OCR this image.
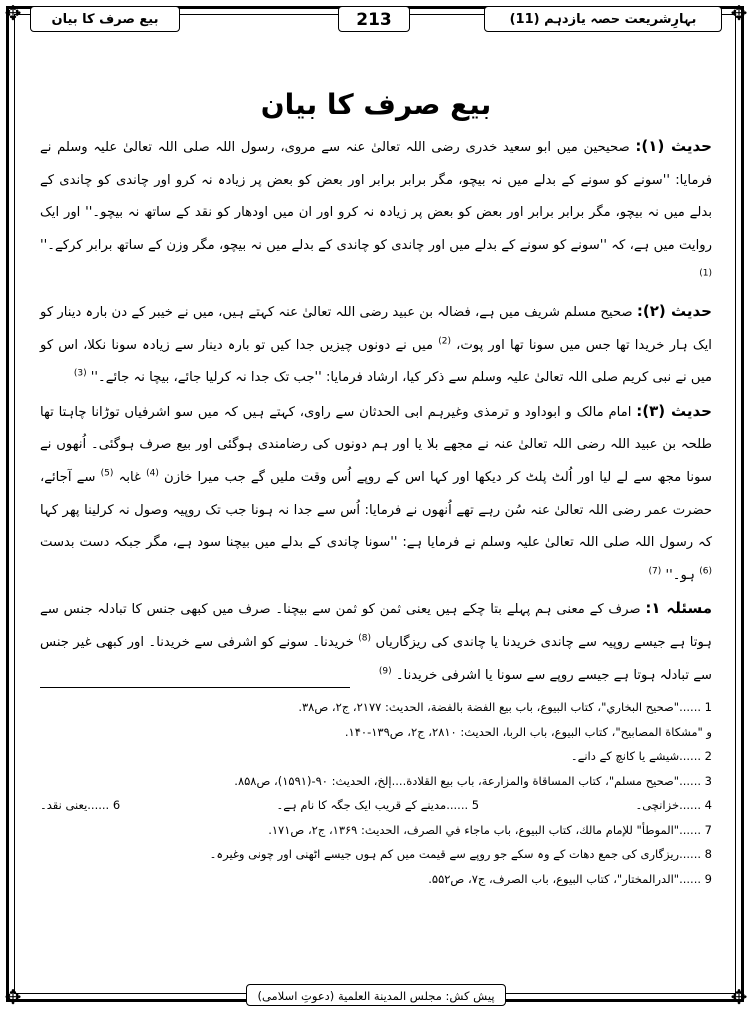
✥	✥
✥	✥
بہارِشریعت حصہ یازدہم (11)
213
بیع صرف کا بیان
بیع صرف کا بیان

حدیث (۱): صحیحین میں ابو سعید خدری رضی اللہ تعالیٰ عنہ سے مروی، رسول اللہ صلی اللہ تعالیٰ علیہ وسلم نے فرمایا: ''سونے کو سونے کے بدلے میں نہ بیچو، مگر برابر برابر اور بعض کو بعض پر زیادہ نہ کرو اور چاندی کو چاندی کے بدلے میں نہ بیچو، مگر برابر برابر اور بعض کو بعض پر زیادہ نہ کرو اور ان میں اودھار کو نقد کے ساتھ نہ بیچو۔'' اور ایک روایت میں ہے، کہ ''سونے کو سونے کے بدلے میں اور چاندی کو چاندی کے بدلے میں نہ بیچو، مگر وزن کے ساتھ برابر کرکے۔'' $^{(1)}$

حدیث (۲): صحیح مسلم شریف میں ہے، فضالہ بن عبید رضی اللہ تعالیٰ عنہ کہتے ہیں، میں نے خیبر کے دن بارہ دینار کو ایک ہار خریدا تھا جس میں سونا تھا اور پوت، $^{(2)}$ میں نے دونوں چیزیں جدا کیں تو بارہ دینار سے زیادہ سونا نکلا، اس کو میں نے نبی کریم صلی اللہ تعالیٰ علیہ وسلم سے ذکر کیا، ارشاد فرمایا: ''جب تک جدا نہ کرلیا جائے، بیچا نہ جائے۔'' $^{(3)}$

حدیث (۳): امام مالک و ابوداود و ترمذی وغیرہم ابی الحدثان سے راوی، کہتے ہیں کہ میں سو اشرفیاں توڑانا چاہتا تھا طلحہ بن عبید اللہ رضی اللہ تعالیٰ عنہ نے مجھے بلا یا اور ہم دونوں کی رضامندی ہوگئی اور بیع صرف ہوگئی۔ اُنھوں نے سونا مجھ سے لے لیا اور اُلٹ پلٹ کر دیکھا اور کہا اس کے روپے اُس وقت ملیں گے جب میرا خازن $^{(4)}$ غابہ $^{(5)}$ سے آجائے، حضرت عمر رضی اللہ تعالیٰ عنہ سُن رہے تھے اُنھوں نے فرمایا: اُس سے جدا نہ ہونا جب تک روپیہ وصول نہ کرلینا پھر کہا کہ رسول اللہ صلی اللہ تعالیٰ علیہ وسلم نے فرمایا ہے: ''سونا چاندی کے بدلے میں بیچنا سود ہے، مگر جبکہ دست بدست $^{(6)}$ ہو۔'' $^{(7)}$

مسئلہ ۱: صرف کے معنی ہم پہلے بتا چکے ہیں یعنی ثمن کو ثمن سے بیچنا۔ صرف میں کبھی جنس کا تبادلہ جنس سے ہوتا ہے جیسے روپیہ سے چاندی خریدنا یا چاندی کی ریزگاریاں $^{(8)}$ خریدنا۔ سونے کو اشرفی سے خریدنا۔ اور کبھی غیر جنس سے تبادلہ ہوتا ہے جیسے روپے سے سونا یا اشرفی خریدنا۔ $^{(9)}$

1 ......"صحیح البخاري"، کتاب البیوع، باب بیع الفضة بالفضة، الحدیث: ۲۱۷۷، ج۲، ص۳۸.
و "مشکاة المصابیح"، کتاب البیوع، باب الربا، الحدیث: ۲۸۱۰، ج۲، ص۱۳۹-۱۴۰.
2 ......شیشے یا کانچ کے دانے۔
3 ......"صحیح مسلم"، کتاب المساقاة والمزارعة، باب بیع القلادة....إلخ، الحدیث: ۹۰-(۱۵۹۱)، ص۸۵۸.
4 ......خزانچی۔
5 ......مدینے کے قریب ایک جگہ کا نام ہے۔
6 ......یعنی نقد۔
7 ......"الموطأ" للإمام مالك، کتاب البیوع، باب ماجاء في الصرف، الحدیث: ۱۳۶۹، ج۲، ص۱۷۱.
8 ......ریزگاری کی جمع دھات کے وہ سکے جو روپے سے قیمت میں کم ہوں جیسے اٹھنی اور چونی وغیرہ۔
9 ......"الدرالمختار"، کتاب البیوع، باب الصرف، ج۷، ص۵۵۲.
پیش کش: مجلس المدینة العلمیة (دعوتِ اسلامی)
